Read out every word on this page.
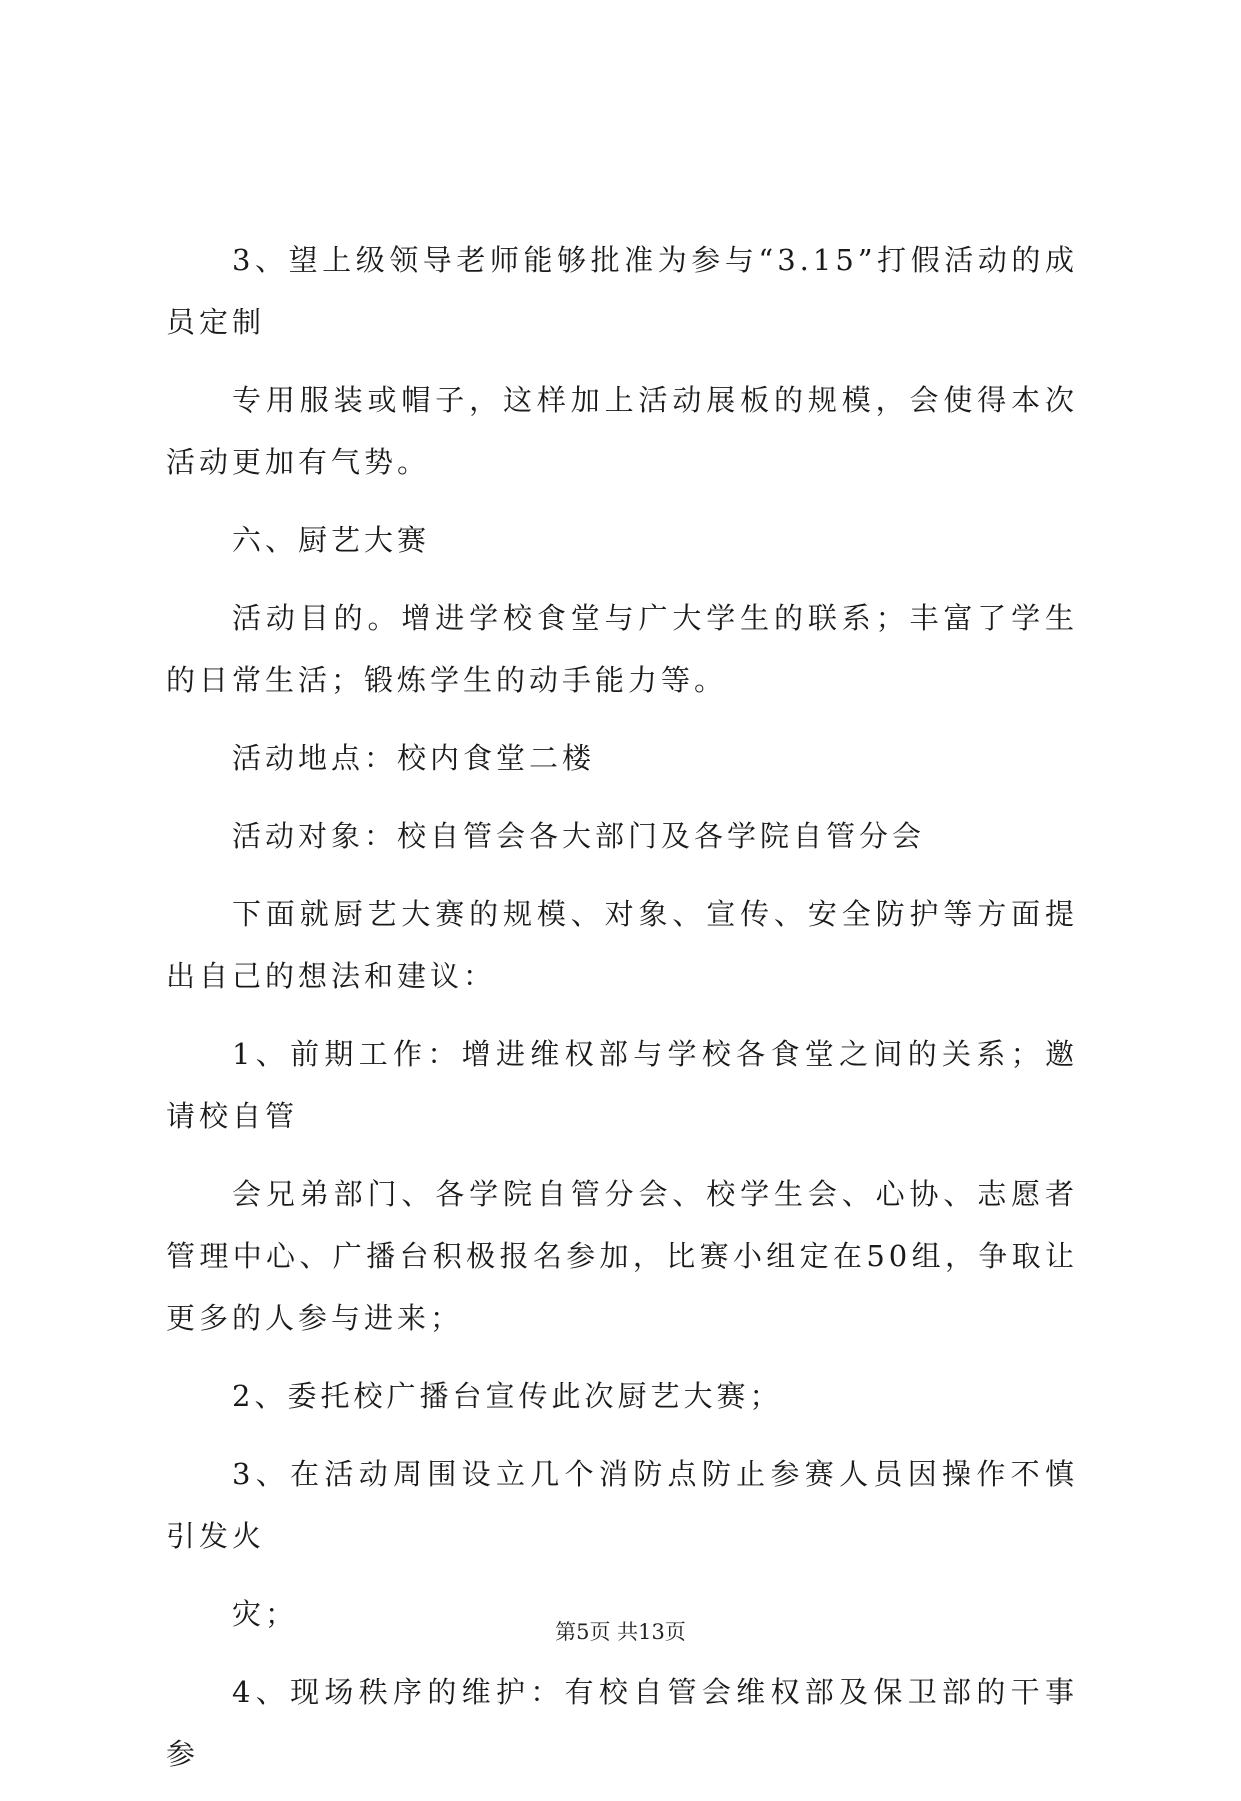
3、望上级领导老师能够批准为参与“3.15”打假活动的成员定制

专用服装或帽子，这样加上活动展板的规模，会使得本次活动更加有气势。

六、厨艺大赛

活动目的。增进学校食堂与广大学生的联系；丰富了学生的日常生活；锻炼学生的动手能力等。

活动地点：校内食堂二楼

活动对象：校自管会各大部门及各学院自管分会

下面就厨艺大赛的规模、对象、宣传、安全防护等方面提出自己的想法和建议：

1、前期工作：增进维权部与学校各食堂之间的关系；邀请校自管

会兄弟部门、各学院自管分会、校学生会、心协、志愿者管理中心、广播台积极报名参加，比赛小组定在50组，争取让更多的人参与进来；

2、委托校广播台宣传此次厨艺大赛；

3、在活动周围设立几个消防点防止参赛人员因操作不慎引发火

灾；

4、现场秩序的维护：有校自管会维权部及保卫部的干事参

第5页 共13页
